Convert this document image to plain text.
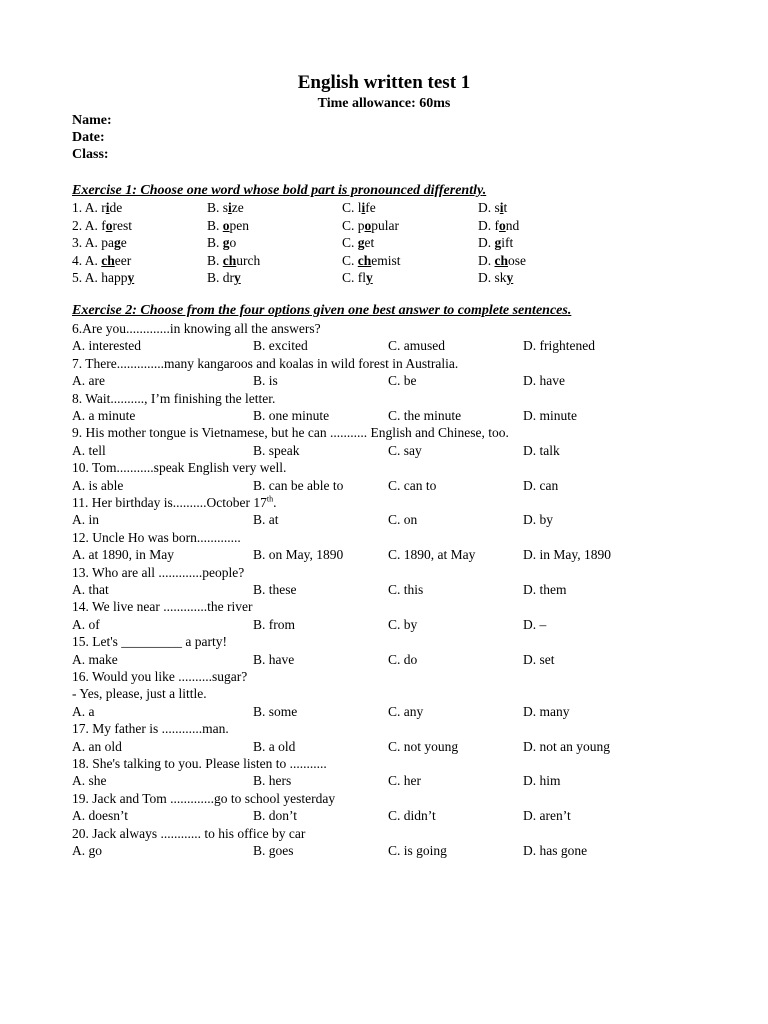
English written test 1
Time allowance: 60ms
Name:
Date:
Class:
Exercise 1: Choose one word whose bold part is pronounced differently.
1. A. ride	B. size	C. life	D. sit
2. A. forest	B. open	C. popular	D. fond
3. A. page	B. go	C. get	D. gift
4. A. cheer	B. church	C. chemist	D. chose
5. A. happy	B. dry	C. fly	D. sky
Exercise 2: Choose from the four options given one best answer to complete sentences.
6.Are you.............in knowing all the answers?
A. interested	B. excited	C. amused	D. frightened
7. There..............many kangaroos and koalas in wild forest in Australia.
A. are	B. is	C. be	D. have
8. Wait.........., I’m finishing the letter.
A. a minute	B. one minute	C. the minute	D. minute
9. His mother tongue is Vietnamese, but he can ........... English and Chinese, too.
A. tell	B. speak	C. say	D. talk
10. Tom...........speak English very well.
A. is able	B. can be able to	C. can to	D. can
11. Her birthday is..........October 17th.
A. in	B. at	C. on	D. by
12. Uncle Ho was born.............
A. at 1890, in May	B. on May, 1890	C. 1890, at May	D. in May, 1890
13. Who are all .............people?
A. that	B. these	C. this	D. them
14. We live near .............the river
A. of	B. from	C. by	D. –
15. Let's _________ a party!
A. make	B. have	C. do	D. set
16. Would you like ..........sugar?
- Yes, please, just a little.
A. a	B. some	C. any	D. many
17. My father is ............man.
A. an old	B. a old	C. not young	D. not an young
18. She's talking to you. Please listen to ...........
A. she	B. hers	C. her	D. him
19. Jack and Tom .............go to school yesterday
A. doesn’t	B. don’t	C. didn’t	D. aren’t
20. Jack always ............ to his office by car
A. go	B. goes	C. is going	D. has gone
